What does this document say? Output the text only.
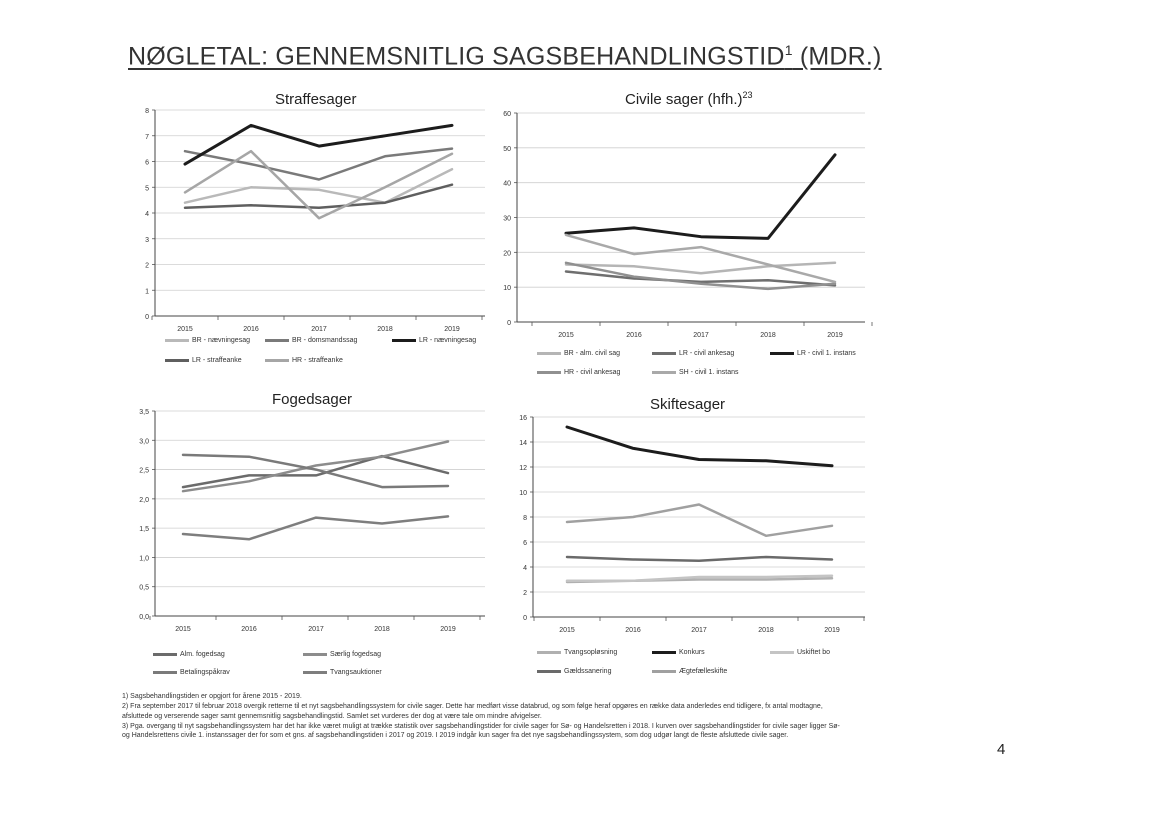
NØGLETAL: GENNEMSNITLIG SAGSBEHANDLINGSTID$^1$ (MDR.)
Straffesager
0
1
2
3
4
5
6
7
8
2015	2016	2017	2018	2019
BR - nævningesag	BR - domsmandssag	LR - nævningesag
LR - straffeanke	HR - straffeanke
Civile sager $(hfh.)^{23}$
0
10
20
30
40
50
60
2015	2016	2017	2018	2019
BR - alm. civil sag	LR - civil ankesag	LR - civil 1. instans
HR - civil ankesag	SH - civil 1. instans
Fogedsager
0,0
0,5
1,0
1,5
2,0
2,5
3,0
3,5
2015	2016	2017	2018	2019
Alm. fogedsag	Særlig fogedsag
Betalingspåkrav	Tvangsauktioner
Skiftesager
0
2
4
6
8
10
12
14
16
2015	2016	2017	2018	2019
Tvangsopløsning	Konkurs	Uskiftet bo
Gældssanering	Ægtefælleskifte

1) Sagsbehandlingstiden er opgjort for årene 2015 - 2019.

2) Fra september 2017 til februar 2018 overgik retterne til et nyt sagsbehandlingssystem for civile sager. Dette har medført visse databrud, og som følge heraf opgøres en række data anderledes end tidligere, fx antal modtagne, afsluttede og verserende sager samt gennemsnitlig sagsbehandlingstid. Samlet set vurderes der dog at være tale om mindre afvigelser.

3) Pga. overgang til nyt sagsbehandlingssystem har det har ikke været muligt at trække statistik over sagsbehandlingstider for civile sager for Sø- og Handelsretten i 2018. I kurven over sagsbehandlingstider for civile sager ligger Sø- og Handelsrettens civile 1. instanssager der for som et gns. af sagsbehandlingstiden i 2017 og 2019. I 2019 indgår kun sager fra det nye sagsbehandlingssystem, som dog udgør langt de fleste afsluttede civile sager.

4
